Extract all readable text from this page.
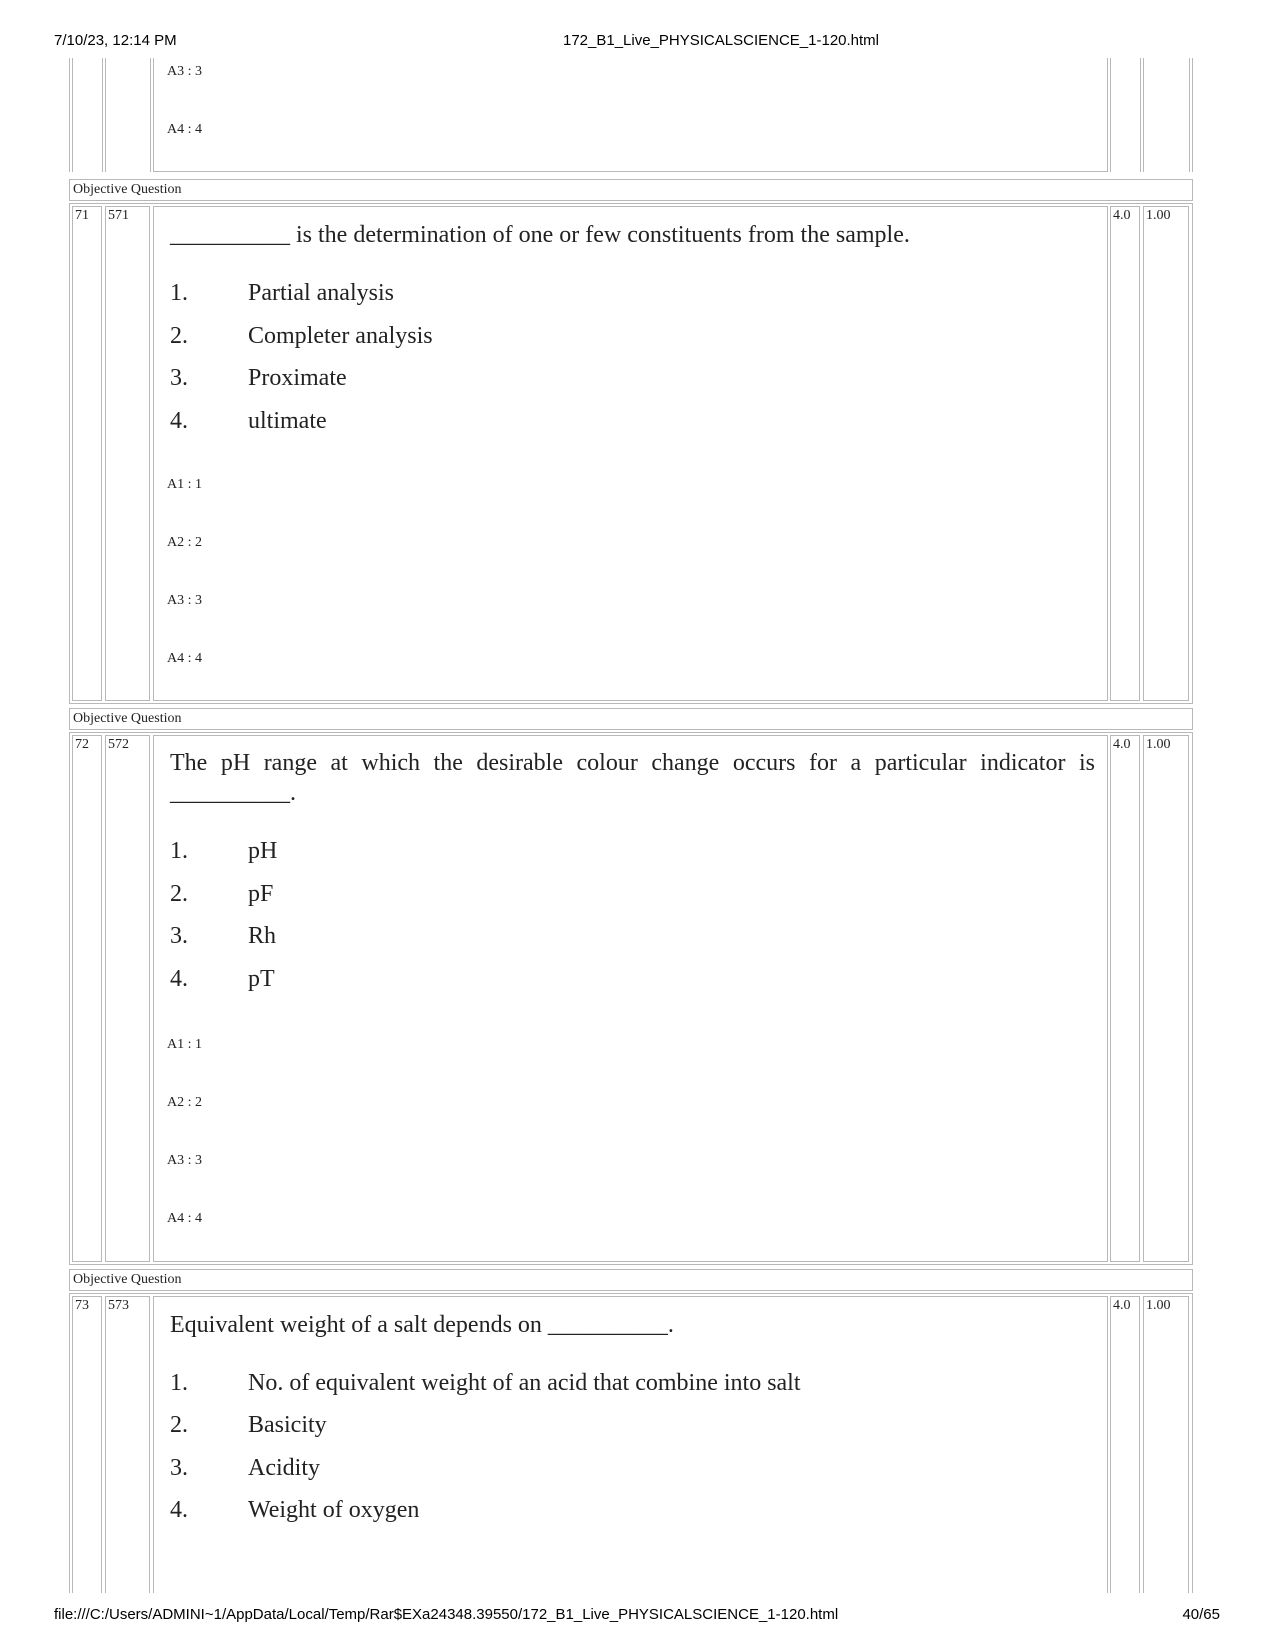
7/10/23, 12:14 PM	172_B1_Live_PHYSICALSCIENCE_1-120.html
A3 : 3
A4 : 4
Objective Question
71 571	4.0 1.00
__________ is the determination of one or few constituents from the sample.
1.	Partial analysis
2.	Completer analysis
3.	Proximate
4.	ultimate
A1 : 1
A2 : 2
A3 : 3
A4 : 4
Objective Question
72 572	4.0 1.00
The pH range at which the desirable colour change occurs for a particular indicator is __________.
1.	pH
2.	pF
3.	Rh
4.	pT
A1 : 1
A2 : 2
A3 : 3
A4 : 4
Objective Question
73 573	4.0 1.00
Equivalent weight of a salt depends on __________.
1.	No. of equivalent weight of an acid that combine into salt
2.	Basicity
3.	Acidity
4.	Weight of oxygen
file:///C:/Users/ADMINI~1/AppData/Local/Temp/Rar$EXa24348.39550/172_B1_Live_PHYSICALSCIENCE_1-120.html	40/65
